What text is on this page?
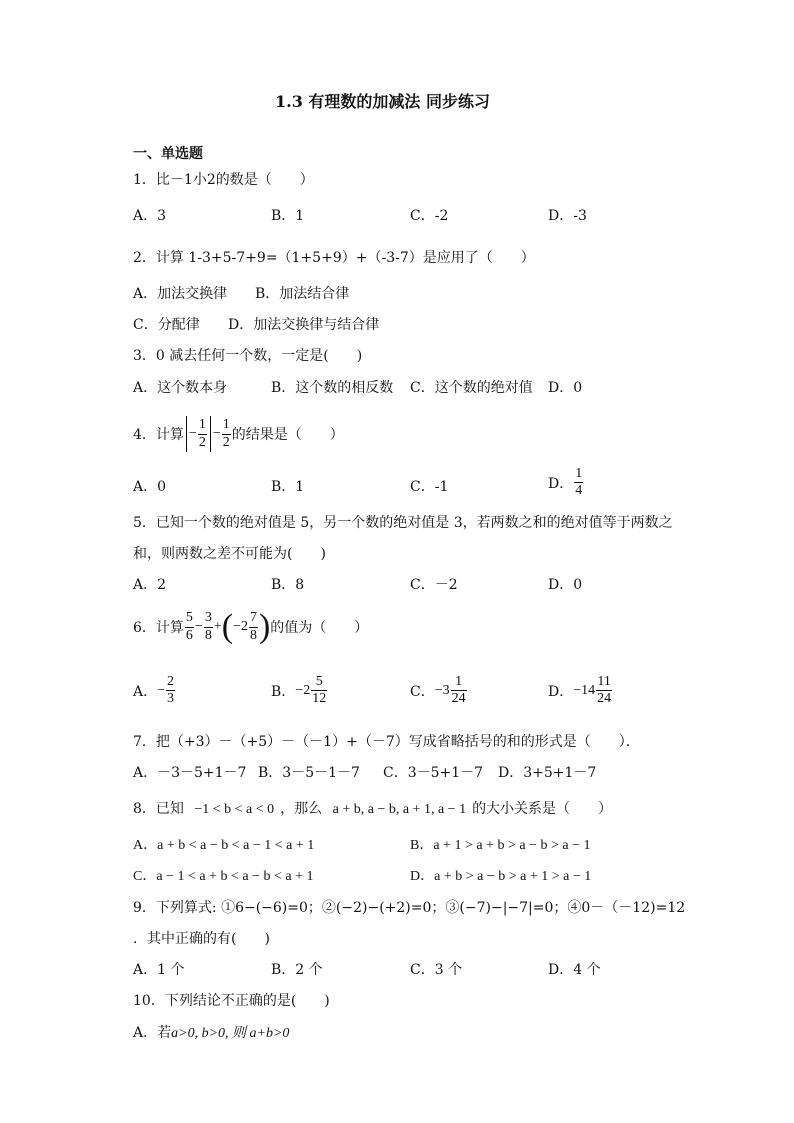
1.3 有理数的加减法 同步练习
一、单选题
1．比－1小2的数是（　　）
A．3	B．1	C．-2	D．-3
2．计算 1-3+5-7+9=（1+5+9）+（-3-7）是应用了（　　）
A．加法交换律 B．加法结合律
C．分配律 D．加法交换律与结合律
3．0 减去任何一个数，一定是(　　)
A．这个数本身	B．这个数的相反数 C．这个数的绝对值 D．0
4．计算 − $\frac{1}{2} - \frac{1}{2}$ 的结果是（　　）
A．0	B．1	C．-1	D． $\frac{1}{4}$
5．已知一个数的绝对值是 5，另一个数的绝对值是 3，若两数之和的绝对值等于两数之
和，则两数之差不可能为(　　)
A．2	B．8	C．－2	D．0
6．计算 $\frac{5}{6} - \frac{3}{8} +(-2 \frac{7}{8}$ )的值为（　　）
A．− $\frac{2}{3}$	B．$-2 \frac{5}{12}$	C．$-3 \frac{1}{24}$	D．$-14 \frac{11}{24}$
7．把（+3）－（+5）－（－1）+（－7）写成省略括号的和的形式是（　　）．
A．－3－5+1－7 B．3－5－1－7 C．3－5+1－7 D．3+5+1－7
8．已知 −1 < b < a < 0 ，那么 a + b, a − b, a + 1, a − 1 的大小关系是（　　）
A．a + b < a − b < a − 1 < a + 1	B．a + 1 > a + b > a − b > a − 1
C．a − 1 < a + b < a − b < a + 1	D．a + b > a − b > a + 1 > a − 1
9．下列算式: ①6−(−6)=0；②(−2)−(+2)=0；③(−7)−|−7|=0；④0－（－12)=12
．其中正确的有(　　)
A．1 个	B．2 个	C．3 个	D．4 个
10．下列结论不正确的是(　　)
A．若a>0, b>0, 则 a+b>0
